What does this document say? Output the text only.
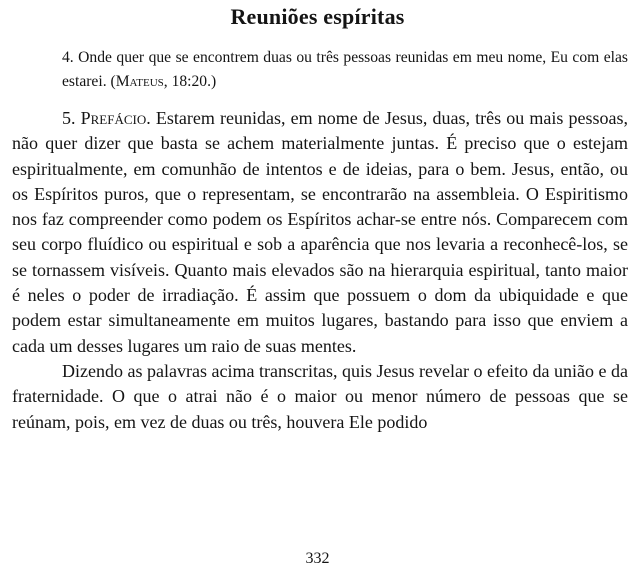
Reuniões espíritas
4. Onde quer que se encontrem duas ou três pessoas reunidas em meu nome, Eu com elas estarei. (Mateus, 18:20.)

5. Prefácio. Estarem reunidas, em nome de Jesus, duas, três ou mais pessoas, não quer dizer que basta se achem materialmente juntas. É preciso que o estejam espiritualmente, em comunhão de intentos e de ideias, para o bem. Jesus, então, ou os Espíritos puros, que o representam, se encontrarão na assembleia. O Espiritismo nos faz compreender como podem os Espíritos achar-se entre nós. Comparecem com seu corpo fluídico ou espiritual e sob a aparência que nos levaria a reconhecê-los, se se tornassem visíveis. Quanto mais elevados são na hierarquia espiritual, tanto maior é neles o poder de irradiação. É assim que possuem o dom da ubiquidade e que podem estar simultaneamente em muitos lugares, bastando para isso que enviem a cada um desses lugares um raio de suas mentes.

Dizendo as palavras acima transcritas, quis Jesus revelar o efeito da união e da fraternidade. O que o atrai não é o maior ou menor número de pessoas que se reúnam, pois, em vez de duas ou três, houvera Ele podido

332
